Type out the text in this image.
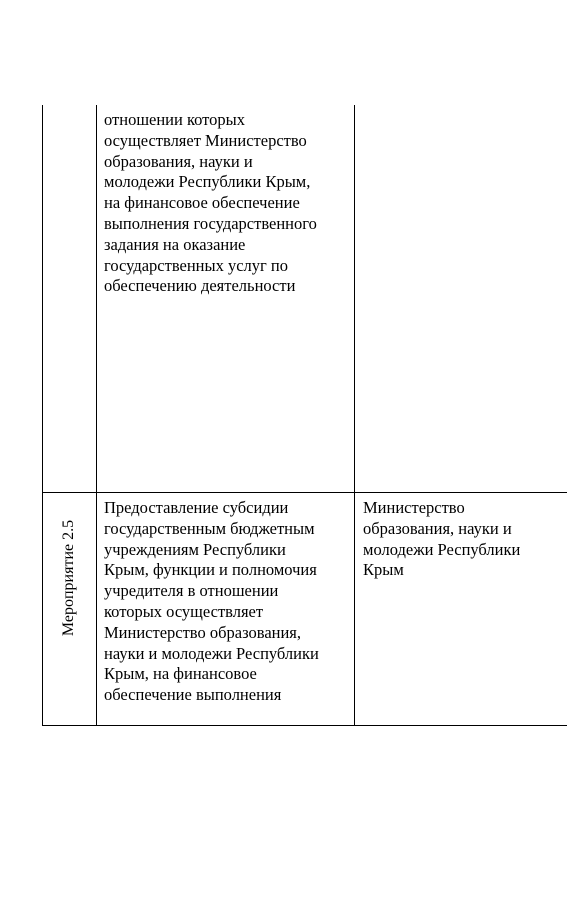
отношении которых
осуществляет Министерство
образования, науки и
молодежи Республики Крым,
на финансовое обеспечение
выполнения государственного
задания на оказание
государственных услуг по
обеспечению деятельности
Мероприятие 2.5
Предоставление субсидии
государственным бюджетным
учреждениям Республики
Крым, функции и полномочия
учредителя в отношении
которых осуществляет
Министерство образования,
науки и молодежи Республики
Крым, на финансовое
обеспечение выполнения
Министерство
образования, науки и
молодежи Республики
Крым
